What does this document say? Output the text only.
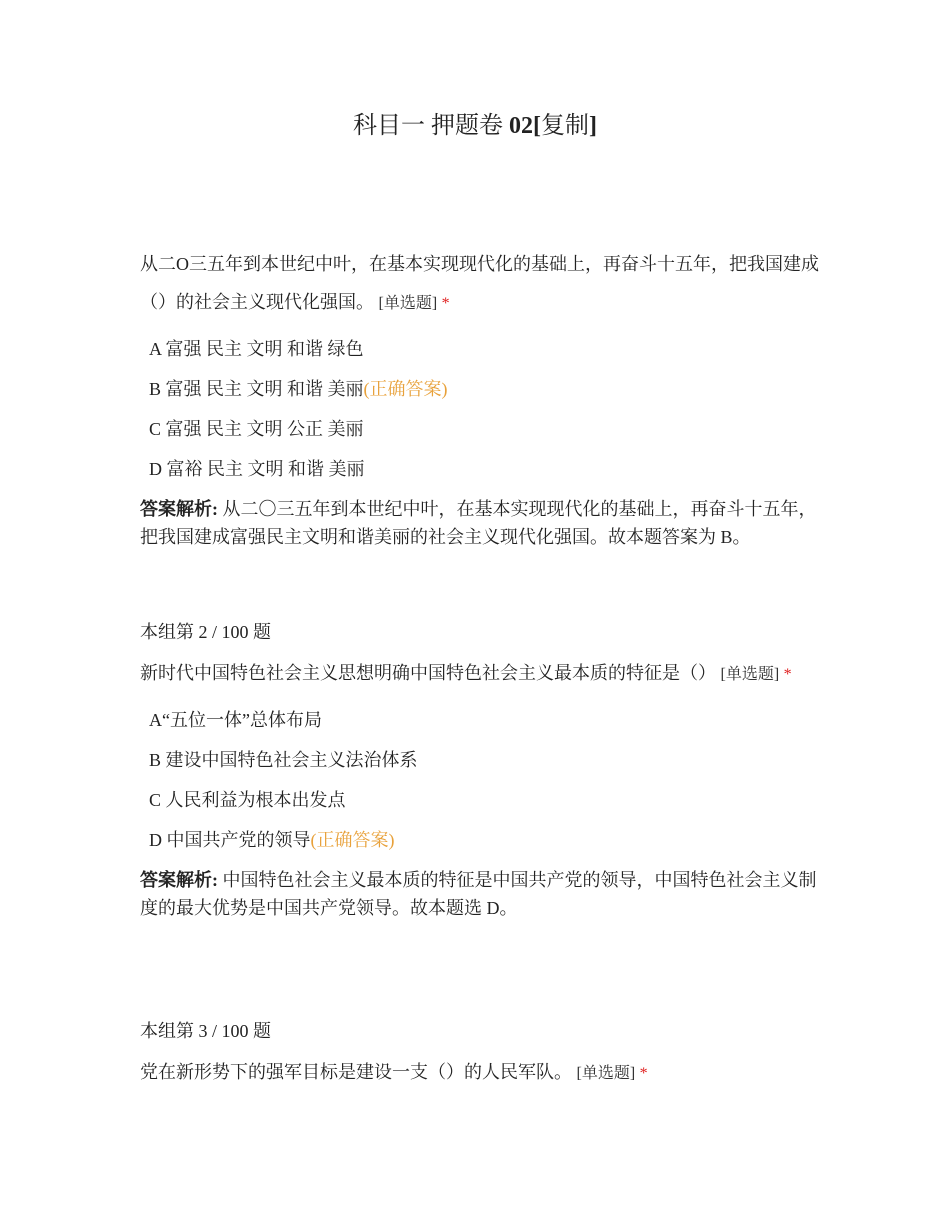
科目一 押题卷 02[复制]

从二O三五年到本世纪中叶，在基本实现现代化的基础上，再奋斗十五年，把我国建成（）的社会主义现代化强国。 [单选题] *

A 富强 民主 文明 和谐 绿色
B 富强 民主 文明 和谐 美丽(正确答案)
C 富强 民主 文明 公正 美丽
D 富裕 民主 文明 和谐 美丽
答案解析: 从二〇三五年到本世纪中叶，在基本实现现代化的基础上，再奋斗十五年，把我国建成富强民主文明和谐美丽的社会主义现代化强国。故本题答案为 B。
本组第 2 / 100 题

新时代中国特色社会主义思想明确中国特色社会主义最本质的特征是（） [单选题] *

A“五位一体”总体布局
B 建设中国特色社会主义法治体系
C 人民利益为根本出发点
D 中国共产党的领导(正确答案)
答案解析: 中国特色社会主义最本质的特征是中国共产党的领导，中国特色社会主义制度的最大优势是中国共产党领导。故本题选 D。
本组第 3 / 100 题

党在新形势下的强军目标是建设一支（）的人民军队。 [单选题] *
